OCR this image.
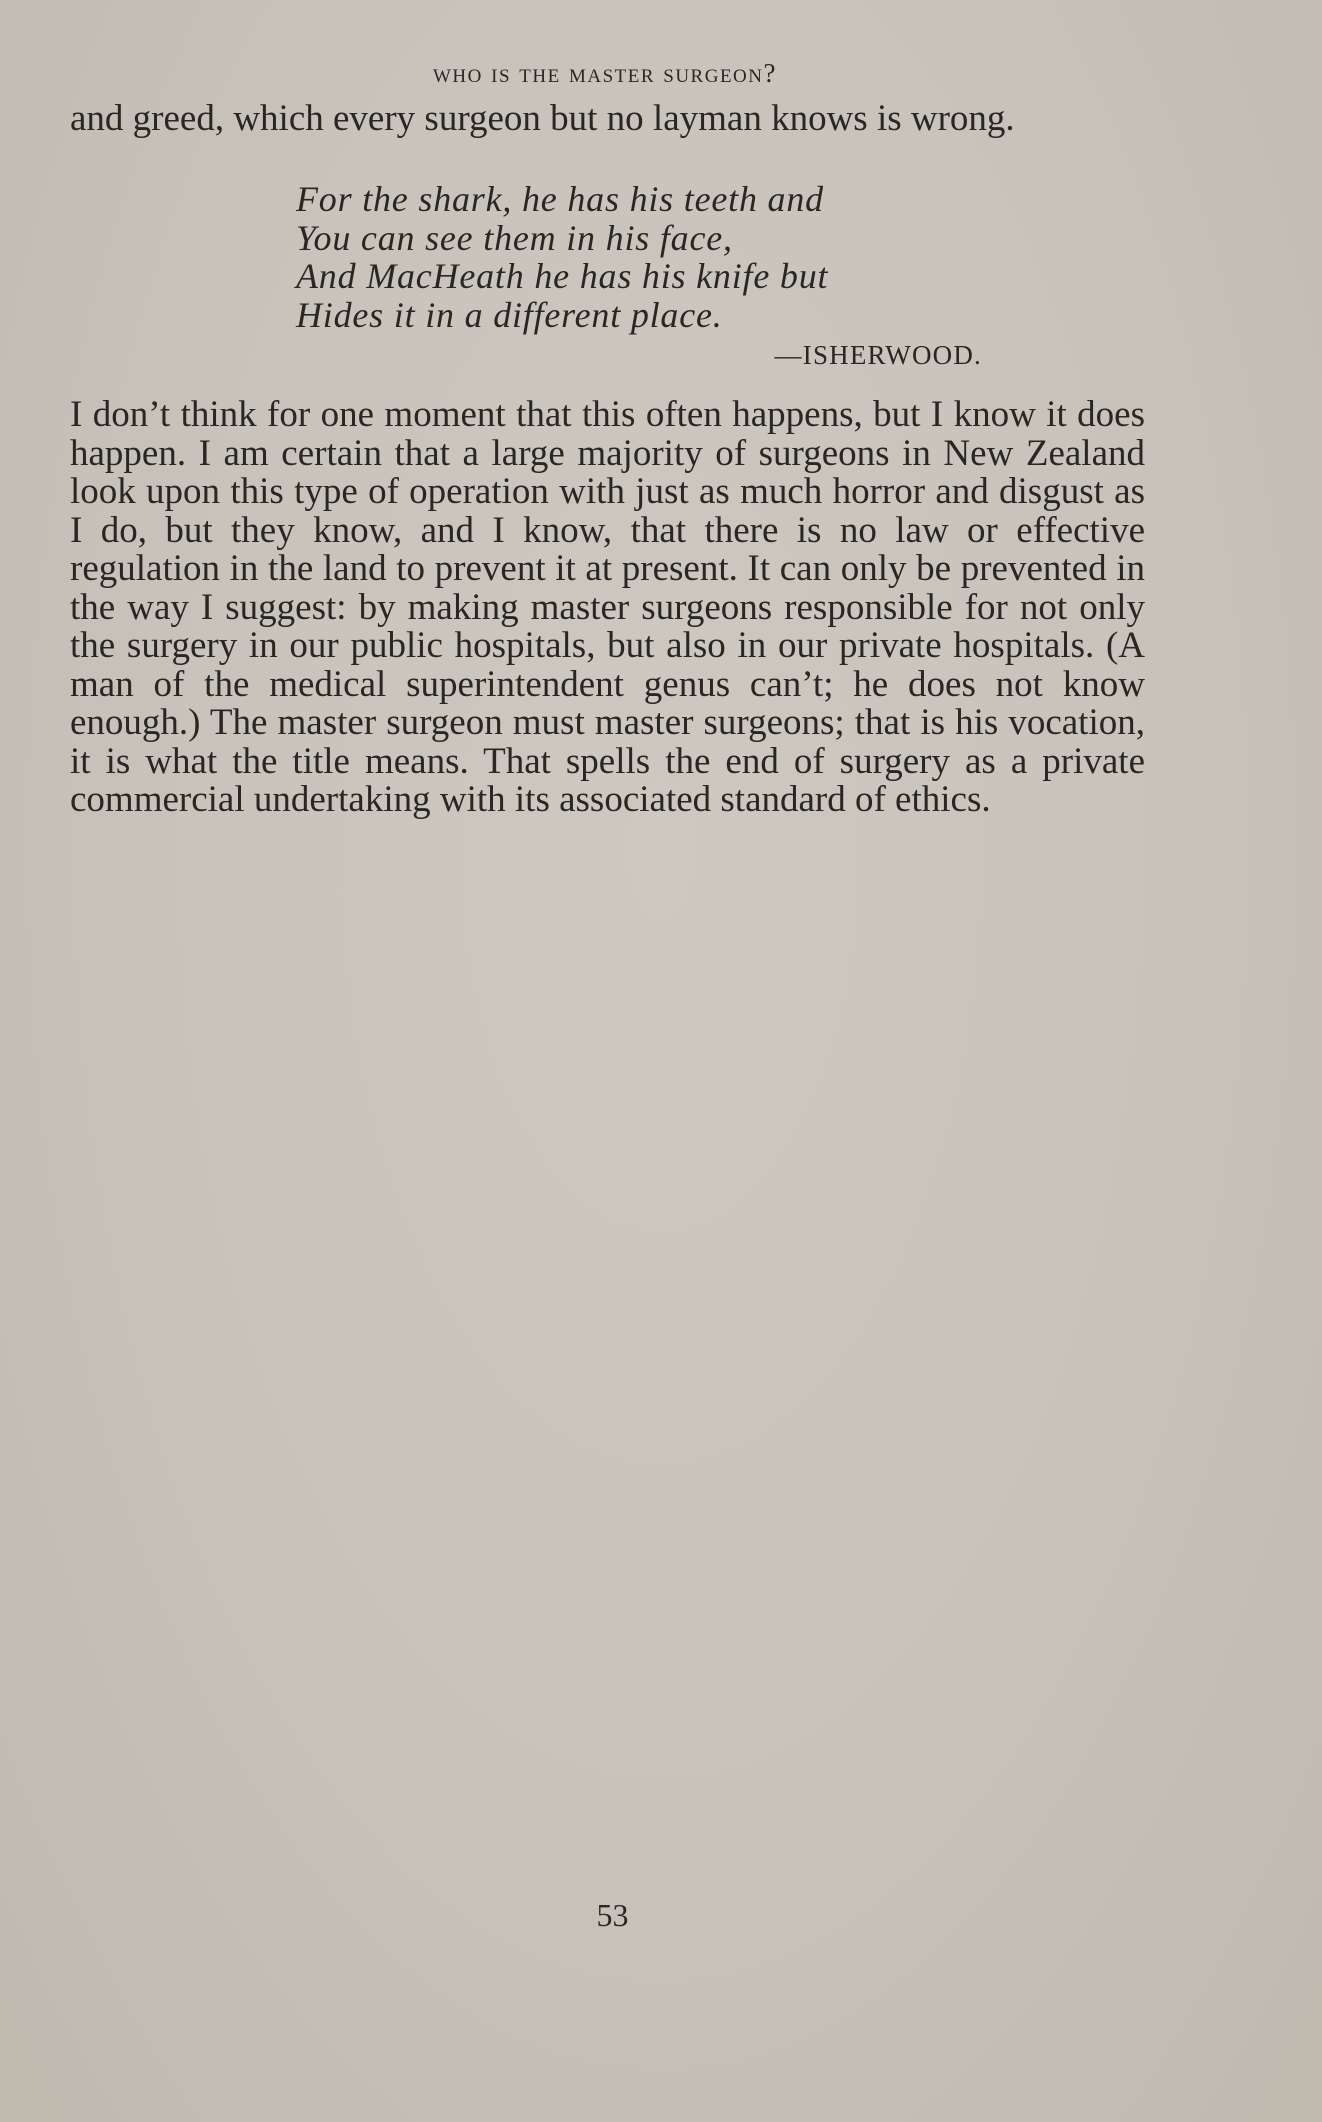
who is the master surgeon?

and greed, which every surgeon but no layman knows is wrong.

For the shark, he has his teeth and
You can see them in his face,
And MacHeath he has his knife but
Hides it in a different place.
—ISHERWOOD.

I don’t think for one moment that this often happens, but I know it does happen. I am certain that a large majority of surgeons in New Zealand look upon this type of operation with just as much horror and disgust as I do, but they know, and I know, that there is no law or effective regulation in the land to prevent it at present. It can only be prevented in the way I suggest: by making master surgeons responsible for not only the surgery in our public hospitals, but also in our private hospitals. (A man of the medical superintendent genus can’t; he does not know enough.) The master surgeon must master surgeons; that is his vocation, it is what the title means. That spells the end of surgery as a private commercial undertaking with its associated standard of ethics.

53
